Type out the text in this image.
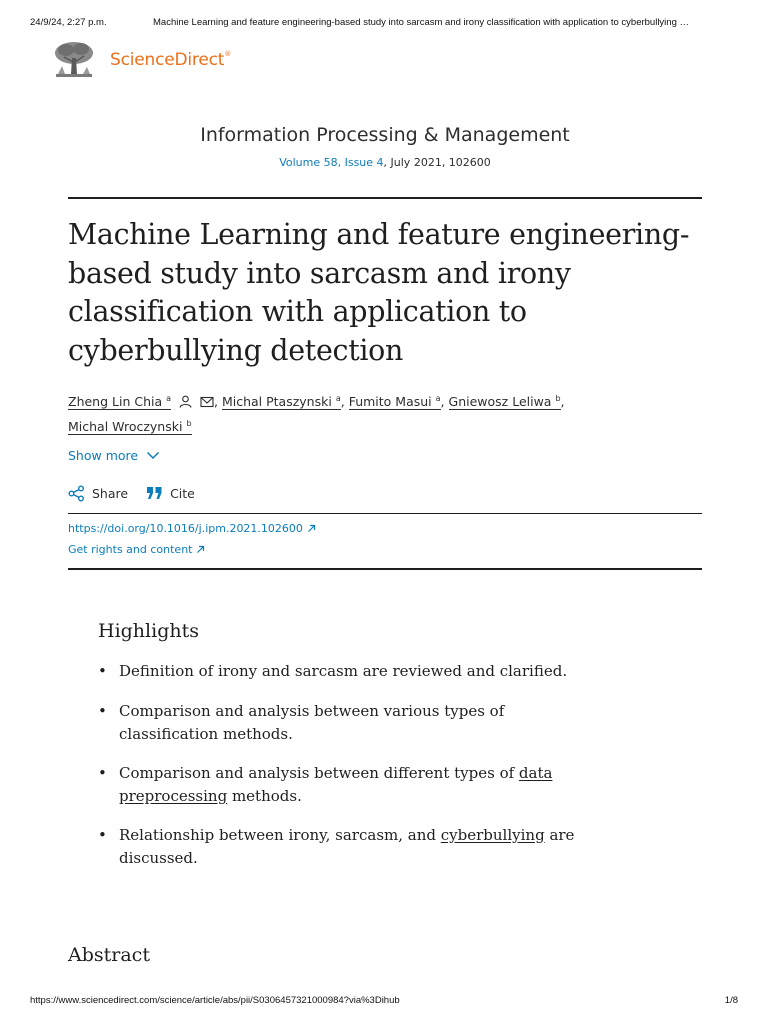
24/9/24, 2:27 p.m.	Machine Learning and feature engineering-based study into sarcasm and irony classification with application to cyberbullying …
ScienceDirect®
Information Processing & Management
Volume 58, Issue 4, July 2021, 102600
Machine Learning and feature engineering-based study into sarcasm and irony classification with application to cyberbullying detection
Zheng Lin Chia $^a$	, Michal Ptaszynski $^a$, Fumito Masui $^a$, Gniewosz Leliwa $^b$,
Michal Wroczynski $^b$
Show more
Share	Cite
https://doi.org/10.1016/j.ipm.2021.102600
Get rights and content
Highlights
• Definition of irony and sarcasm are reviewed and clarified.
• Comparison and analysis between various types of classification methods.
• Comparison and analysis between different types of data preprocessing methods.
• Relationship between irony, sarcasm, and cyberbullying are discussed.
Abstract
https://www.sciencedirect.com/science/article/abs/pii/S0306457321000984?via%3Dihub	1/8
